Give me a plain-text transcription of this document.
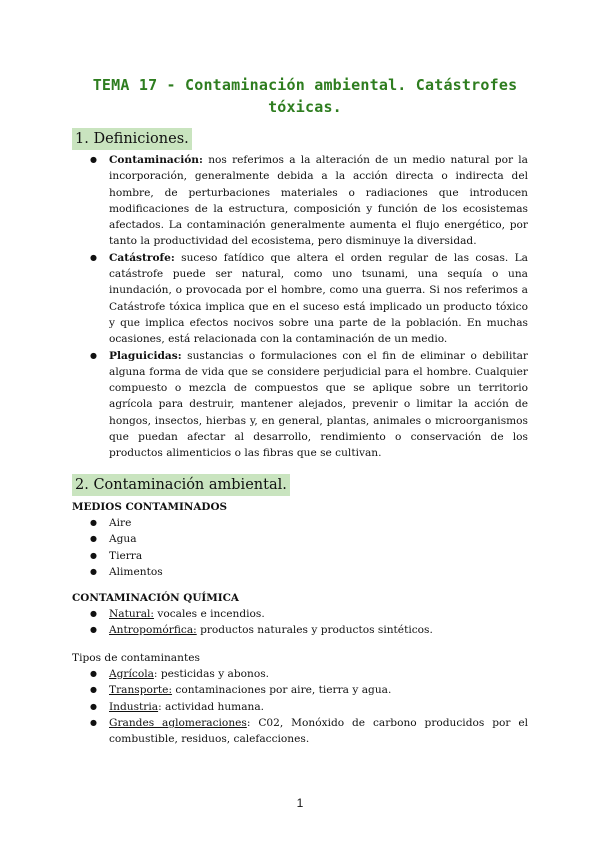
TEMA 17 - Contaminación ambiental. Catástrofes tóxicas.
1. Definiciones.
● Contaminación: nos referimos a la alteración de un medio natural por la incorporación, generalmente debida a la acción directa o indirecta del hombre, de perturbaciones materiales o radiaciones que introducen modificaciones de la estructura, composición y función de los ecosistemas afectados. La contaminación generalmente aumenta el flujo energético, por tanto la productividad del ecosistema, pero disminuye la diversidad.
● Catástrofe: suceso fatídico que altera el orden regular de las cosas. La catástrofe puede ser natural, como uno tsunami, una sequía o una inundación, o provocada por el hombre, como una guerra. Si nos referimos a Catástrofe tóxica implica que en el suceso está implicado un producto tóxico y que implica efectos nocivos sobre una parte de la población. En muchas ocasiones, está relacionada con la contaminación de un medio.
● Plaguicidas: sustancias o formulaciones con el fin de eliminar o debilitar alguna forma de vida que se considere perjudicial para el hombre. Cualquier compuesto o mezcla de compuestos que se aplique sobre un territorio agrícola para destruir, mantener alejados, prevenir o limitar la acción de hongos, insectos, hierbas y, en general, plantas, animales o microorganismos que puedan afectar al desarrollo, rendimiento o conservación de los productos alimenticios o las fibras que se cultivan.
2. Contaminación ambiental.
MEDIOS CONTAMINADOS
● Aire
● Agua
● Tierra
● Alimentos
CONTAMINACIÓN QUÍMICA
● Natural: vocales e incendios.
● Antropomórfica: productos naturales y productos sintéticos.
Tipos de contaminantes
● Agrícola: pesticidas y abonos.
● Transporte: contaminaciones por aire, tierra y agua.
● Industria: actividad humana.
● Grandes aglomeraciones: C02, Monóxido de carbono producidos por el combustible, residuos, calefacciones.
1
